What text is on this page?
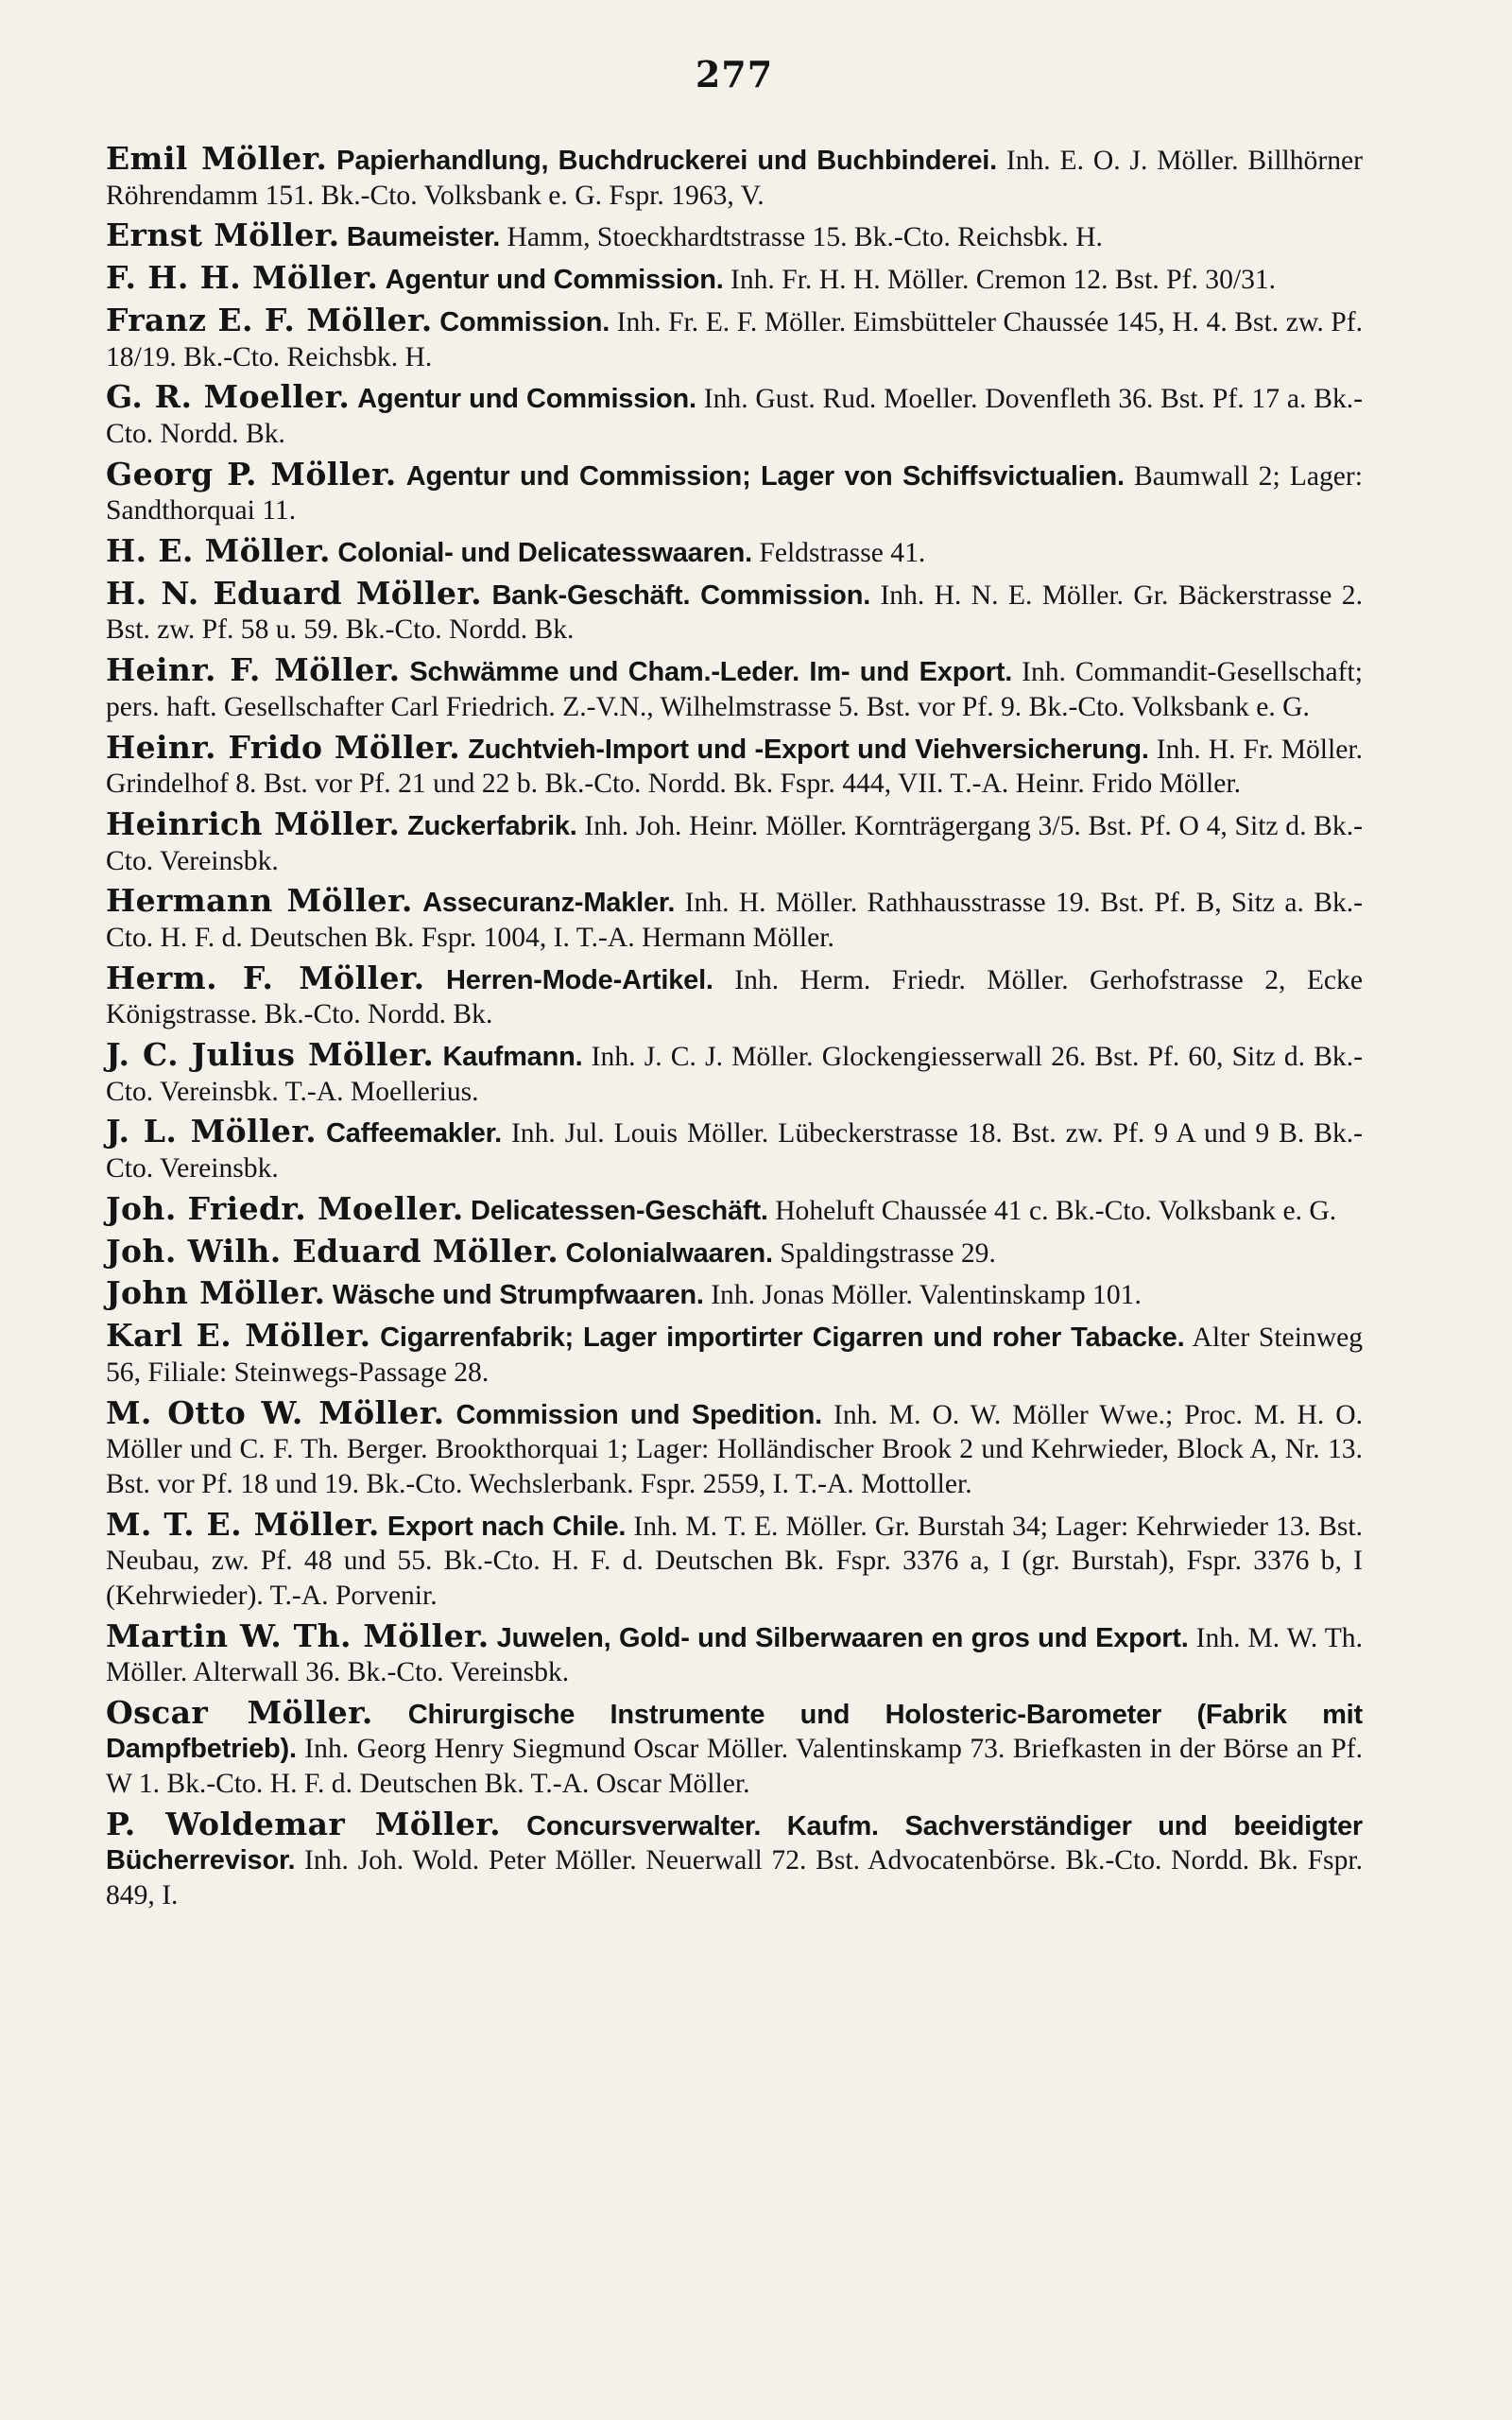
277

Emil Möller. Papierhandlung, Buchdruckerei und Buchbinderei. Inh. E. O. J. Möller. Billhörner Röhrendamm 151. Bk.-Cto. Volksbank e. G. Fspr. 1963, V.

Ernst Möller. Baumeister. Hamm, Stoeckhardtstrasse 15. Bk.-Cto. Reichsbk. H.

F. H. H. Möller. Agentur und Commission. Inh. Fr. H. H. Möller. Cremon 12. Bst. Pf. 30/31.

Franz E. F. Möller. Commission. Inh. Fr. E. F. Möller. Eimsbütteler Chaussée 145, H. 4. Bst. zw. Pf. 18/19. Bk.-Cto. Reichsbk. H.

G. R. Moeller. Agentur und Commission. Inh. Gust. Rud. Moeller. Dovenfleth 36. Bst. Pf. 17 a. Bk.-Cto. Nordd. Bk.

Georg P. Möller. Agentur und Commission; Lager von Schiffsvictualien. Baumwall 2; Lager: Sandthorquai 11.

H. E. Möller. Colonial- und Delicatesswaaren. Feldstrasse 41.

H. N. Eduard Möller. Bank-Geschäft. Commission. Inh. H. N. E. Möller. Gr. Bäckerstrasse 2. Bst. zw. Pf. 58 u. 59. Bk.-Cto. Nordd. Bk.

Heinr. F. Möller. Schwämme und Cham.-Leder. Im- und Export. Inh. Commandit-Gesellschaft; pers. haft. Gesellschafter Carl Friedrich. Z.-V.N., Wilhelmstrasse 5. Bst. vor Pf. 9. Bk.-Cto. Volksbank e. G.

Heinr. Frido Möller. Zuchtvieh-Import und -Export und Viehversicherung. Inh. H. Fr. Möller. Grindelhof 8. Bst. vor Pf. 21 und 22 b. Bk.-Cto. Nordd. Bk. Fspr. 444, VII. T.-A. Heinr. Frido Möller.

Heinrich Möller. Zuckerfabrik. Inh. Joh. Heinr. Möller. Kornträgergang 3/5. Bst. Pf. O 4, Sitz d. Bk.-Cto. Vereinsbk.

Hermann Möller. Assecuranz-Makler. Inh. H. Möller. Rathhausstrasse 19. Bst. Pf. B, Sitz a. Bk.-Cto. H. F. d. Deutschen Bk. Fspr. 1004, I. T.-A. Hermann Möller.

Herm. F. Möller. Herren-Mode-Artikel. Inh. Herm. Friedr. Möller. Gerhofstrasse 2, Ecke Königstrasse. Bk.-Cto. Nordd. Bk.

J. C. Julius Möller. Kaufmann. Inh. J. C. J. Möller. Glockengiesserwall 26. Bst. Pf. 60, Sitz d. Bk.-Cto. Vereinsbk. T.-A. Moellerius.

J. L. Möller. Caffeemakler. Inh. Jul. Louis Möller. Lübeckerstrasse 18. Bst. zw. Pf. 9 A und 9 B. Bk.-Cto. Vereinsbk.

Joh. Friedr. Moeller. Delicatessen-Geschäft. Hoheluft Chaussée 41 c. Bk.-Cto. Volksbank e. G.

Joh. Wilh. Eduard Möller. Colonialwaaren. Spaldingstrasse 29.

John Möller. Wäsche und Strumpfwaaren. Inh. Jonas Möller. Valentinskamp 101.

Karl E. Möller. Cigarrenfabrik; Lager importirter Cigarren und roher Tabacke. Alter Steinweg 56, Filiale: Steinwegs-Passage 28.

M. Otto W. Möller. Commission und Spedition. Inh. M. O. W. Möller Wwe.; Proc. M. H. O. Möller und C. F. Th. Berger. Brookthorquai 1; Lager: Holländischer Brook 2 und Kehrwieder, Block A, Nr. 13. Bst. vor Pf. 18 und 19. Bk.-Cto. Wechslerbank. Fspr. 2559, I. T.-A. Mottoller.

M. T. E. Möller. Export nach Chile. Inh. M. T. E. Möller. Gr. Burstah 34; Lager: Kehrwieder 13. Bst. Neubau, zw. Pf. 48 und 55. Bk.-Cto. H. F. d. Deutschen Bk. Fspr. 3376 a, I (gr. Burstah), Fspr. 3376 b, I (Kehrwieder). T.-A. Porvenir.

Martin W. Th. Möller. Juwelen, Gold- und Silberwaaren en gros und Export. Inh. M. W. Th. Möller. Alterwall 36. Bk.-Cto. Vereinsbk.

Oscar Möller. Chirurgische Instrumente und Holosteric-Barometer (Fabrik mit Dampfbetrieb). Inh. Georg Henry Siegmund Oscar Möller. Valentinskamp 73. Briefkasten in der Börse an Pf. W 1. Bk.-Cto. H. F. d. Deutschen Bk. T.-A. Oscar Möller.

P. Woldemar Möller. Concursverwalter. Kaufm. Sachverständiger und beeidigter Bücherrevisor. Inh. Joh. Wold. Peter Möller. Neuerwall 72. Bst. Advocatenbörse. Bk.-Cto. Nordd. Bk. Fspr. 849, I.
